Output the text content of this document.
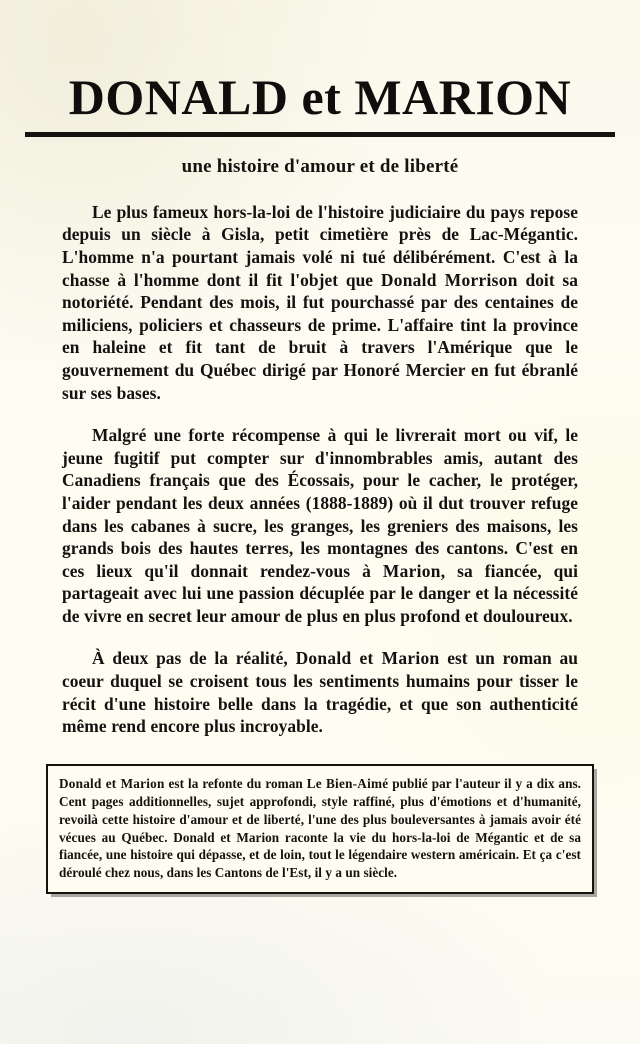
DONALD et MARION
une histoire d'amour et de liberté

Le plus fameux hors-la-loi de l'histoire judiciaire du pays repose depuis un siècle à Gisla, petit cimetière près de Lac-Mégantic. L'homme n'a pourtant jamais volé ni tué délibérément. C'est à la chasse à l'homme dont il fit l'objet que Donald Morrison doit sa notoriété. Pendant des mois, il fut pourchassé par des centaines de miliciens, policiers et chasseurs de prime. L'affaire tint la province en haleine et fit tant de bruit à travers l'Amérique que le gouvernement du Québec dirigé par Honoré Mercier en fut ébranlé sur ses bases.

Malgré une forte récompense à qui le livrerait mort ou vif, le jeune fugitif put compter sur d'innombrables amis, autant des Canadiens français que des Écossais, pour le cacher, le protéger, l'aider pendant les deux années (1888-1889) où il dut trouver refuge dans les cabanes à sucre, les granges, les greniers des maisons, les grands bois des hautes terres, les montagnes des cantons. C'est en ces lieux qu'il donnait rendez-vous à Marion, sa fiancée, qui partageait avec lui une passion décuplée par le danger et la nécessité de vivre en secret leur amour de plus en plus profond et douloureux.

À deux pas de la réalité, Donald et Marion est un roman au coeur duquel se croisent tous les sentiments humains pour tisser le récit d'une histoire belle dans la tragédie, et que son authenticité même rend encore plus incroyable.

Donald et Marion est la refonte du roman Le Bien-Aimé publié par l'auteur il y a dix ans. Cent pages additionnelles, sujet approfondi, style raffiné, plus d'émotions et d'humanité, revoilà cette histoire d'amour et de liberté, l'une des plus bouleversantes à jamais avoir été vécues au Québec. Donald et Marion raconte la vie du hors-la-loi de Mégantic et de sa fiancée, une histoire qui dépasse, et de loin, tout le légendaire western américain. Et ça c'est déroulé chez nous, dans les Cantons de l'Est, il y a un siècle.
